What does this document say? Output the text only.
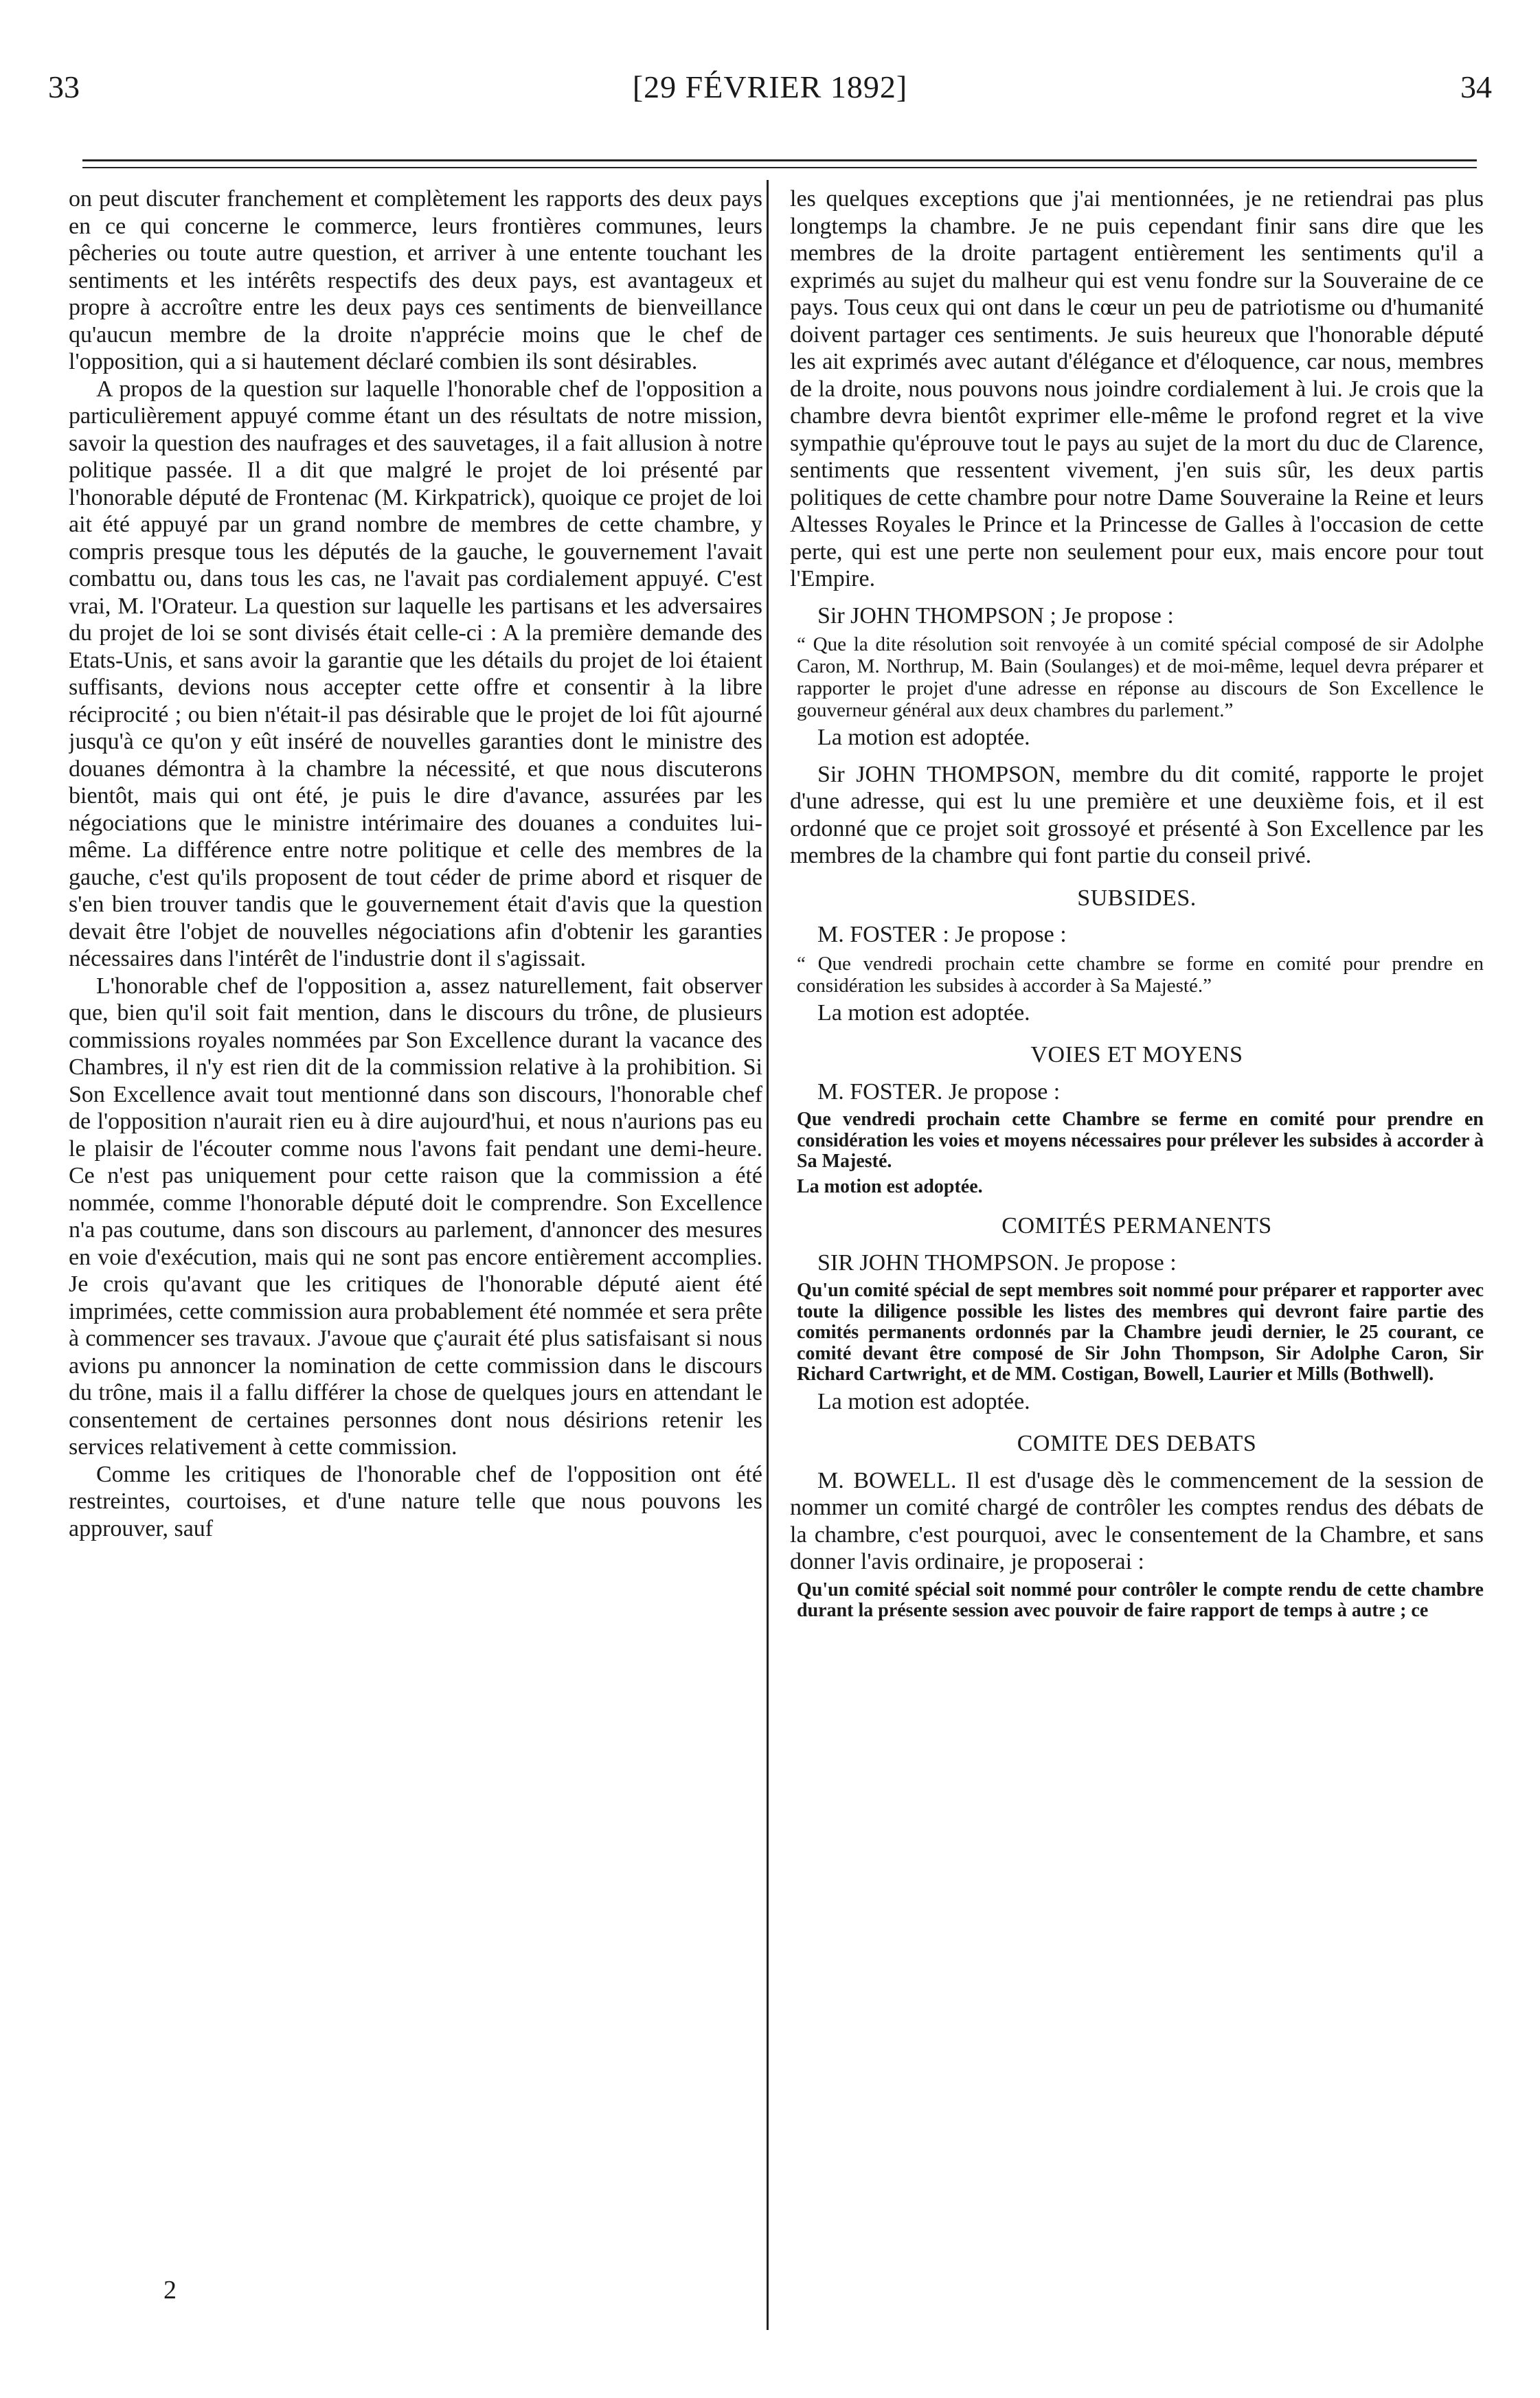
33	[29 FÉVRIER 1892]	34

on peut discuter franchement et complètement les rapports des deux pays en ce qui concerne le commerce, leurs frontières communes, leurs pêcheries ou toute autre question, et arriver à une entente touchant les sentiments et les intérêts respectifs des deux pays, est avantageux et propre à accroître entre les deux pays ces sentiments de bienveillance qu'aucun membre de la droite n'apprécie moins que le chef de l'opposition, qui a si hautement déclaré combien ils sont désirables.

A propos de la question sur laquelle l'honorable chef de l'opposition a particulièrement appuyé comme étant un des résultats de notre mission, savoir la question des naufrages et des sauvetages, il a fait allusion à notre politique passée. Il a dit que malgré le projet de loi présenté par l'honorable député de Frontenac (M. Kirkpatrick), quoique ce projet de loi ait été appuyé par un grand nombre de membres de cette chambre, y compris presque tous les députés de la gauche, le gouvernement l'avait combattu ou, dans tous les cas, ne l'avait pas cordialement appuyé. C'est vrai, M. l'Orateur. La question sur laquelle les partisans et les adversaires du projet de loi se sont divisés était celle-ci : A la première demande des Etats-Unis, et sans avoir la garantie que les détails du projet de loi étaient suffisants, devions nous accepter cette offre et consentir à la libre réciprocité ; ou bien n'était-il pas désirable que le projet de loi fût ajourné jusqu'à ce qu'on y eût inséré de nouvelles garanties dont le ministre des douanes démontra à la chambre la nécessité, et que nous discuterons bientôt, mais qui ont été, je puis le dire d'avance, assurées par les négociations que le ministre intérimaire des douanes a conduites lui-même. La différence entre notre politique et celle des membres de la gauche, c'est qu'ils proposent de tout céder de prime abord et risquer de s'en bien trouver tandis que le gouvernement était d'avis que la question devait être l'objet de nouvelles négociations afin d'obtenir les garanties nécessaires dans l'intérêt de l'industrie dont il s'agissait.

L'honorable chef de l'opposition a, assez naturellement, fait observer que, bien qu'il soit fait mention, dans le discours du trône, de plusieurs commissions royales nommées par Son Excellence durant la vacance des Chambres, il n'y est rien dit de la commission relative à la prohibition. Si Son Excellence avait tout mentionné dans son discours, l'honorable chef de l'opposition n'aurait rien eu à dire aujourd'hui, et nous n'aurions pas eu le plaisir de l'écouter comme nous l'avons fait pendant une demi-heure. Ce n'est pas uniquement pour cette raison que la commission a été nommée, comme l'honorable député doit le comprendre. Son Excellence n'a pas coutume, dans son discours au parlement, d'annoncer des mesures en voie d'exécution, mais qui ne sont pas encore entièrement accomplies. Je crois qu'avant que les critiques de l'honorable député aient été imprimées, cette commission aura probablement été nommée et sera prête à commencer ses travaux. J'avoue que ç'aurait été plus satisfaisant si nous avions pu annoncer la nomination de cette commission dans le discours du trône, mais il a fallu différer la chose de quelques jours en attendant le consentement de certaines personnes dont nous désirions retenir les services relativement à cette commission.

Comme les critiques de l'honorable chef de l'opposition ont été restreintes, courtoises, et d'une nature telle que nous pouvons les approuver, sauf

2

les quelques exceptions que j'ai mentionnées, je ne retiendrai pas plus longtemps la chambre. Je ne puis cependant finir sans dire que les membres de la droite partagent entièrement les sentiments qu'il a exprimés au sujet du malheur qui est venu fondre sur la Souveraine de ce pays. Tous ceux qui ont dans le cœur un peu de patriotisme ou d'humanité doivent partager ces sentiments. Je suis heureux que l'honorable député les ait exprimés avec autant d'élégance et d'éloquence, car nous, membres de la droite, nous pouvons nous joindre cordialement à lui. Je crois que la chambre devra bientôt exprimer elle-même le profond regret et la vive sympathie qu'éprouve tout le pays au sujet de la mort du duc de Clarence, sentiments que ressentent vivement, j'en suis sûr, les deux partis politiques de cette chambre pour notre Dame Souveraine la Reine et leurs Altesses Royales le Prince et la Princesse de Galles à l'occasion de cette perte, qui est une perte non seulement pour eux, mais encore pour tout l'Empire.

Sir JOHN THOMPSON ; Je propose :

“ Que la dite résolution soit renvoyée à un comité spécial composé de sir Adolphe Caron, M. Northrup, M. Bain (Soulanges) et de moi-même, lequel devra préparer et rapporter le projet d'une adresse en réponse au discours de Son Excellence le gouverneur général aux deux chambres du parlement.”

La motion est adoptée.

Sir JOHN THOMPSON, membre du dit comité, rapporte le projet d'une adresse, qui est lu une première et une deuxième fois, et il est ordonné que ce projet soit grossoyé et présenté à Son Excellence par les membres de la chambre qui font partie du conseil privé.

SUBSIDES.

M. FOSTER : Je propose :

“ Que vendredi prochain cette chambre se forme en comité pour prendre en considération les subsides à accorder à Sa Majesté.”

La motion est adoptée.

VOIES ET MOYENS

M. FOSTER. Je propose :

Que vendredi prochain cette Chambre se ferme en comité pour prendre en considération les voies et moyens nécessaires pour prélever les subsides à accorder à Sa Majesté.

La motion est adoptée.

COMITÉS PERMANENTS

SIR JOHN THOMPSON. Je propose :

Qu'un comité spécial de sept membres soit nommé pour préparer et rapporter avec toute la diligence possible les listes des membres qui devront faire partie des comités permanents ordonnés par la Chambre jeudi dernier, le 25 courant, ce comité devant être composé de Sir John Thompson, Sir Adolphe Caron, Sir Richard Cartwright, et de MM. Costigan, Bowell, Laurier et Mills (Bothwell).

La motion est adoptée.

COMITE DES DEBATS

M. BOWELL. Il est d'usage dès le commencement de la session de nommer un comité chargé de contrôler les comptes rendus des débats de la chambre, c'est pourquoi, avec le consentement de la Chambre, et sans donner l'avis ordinaire, je proposerai :

Qu'un comité spécial soit nommé pour contrôler le compte rendu de cette chambre durant la présente session avec pouvoir de faire rapport de temps à autre ; ce
